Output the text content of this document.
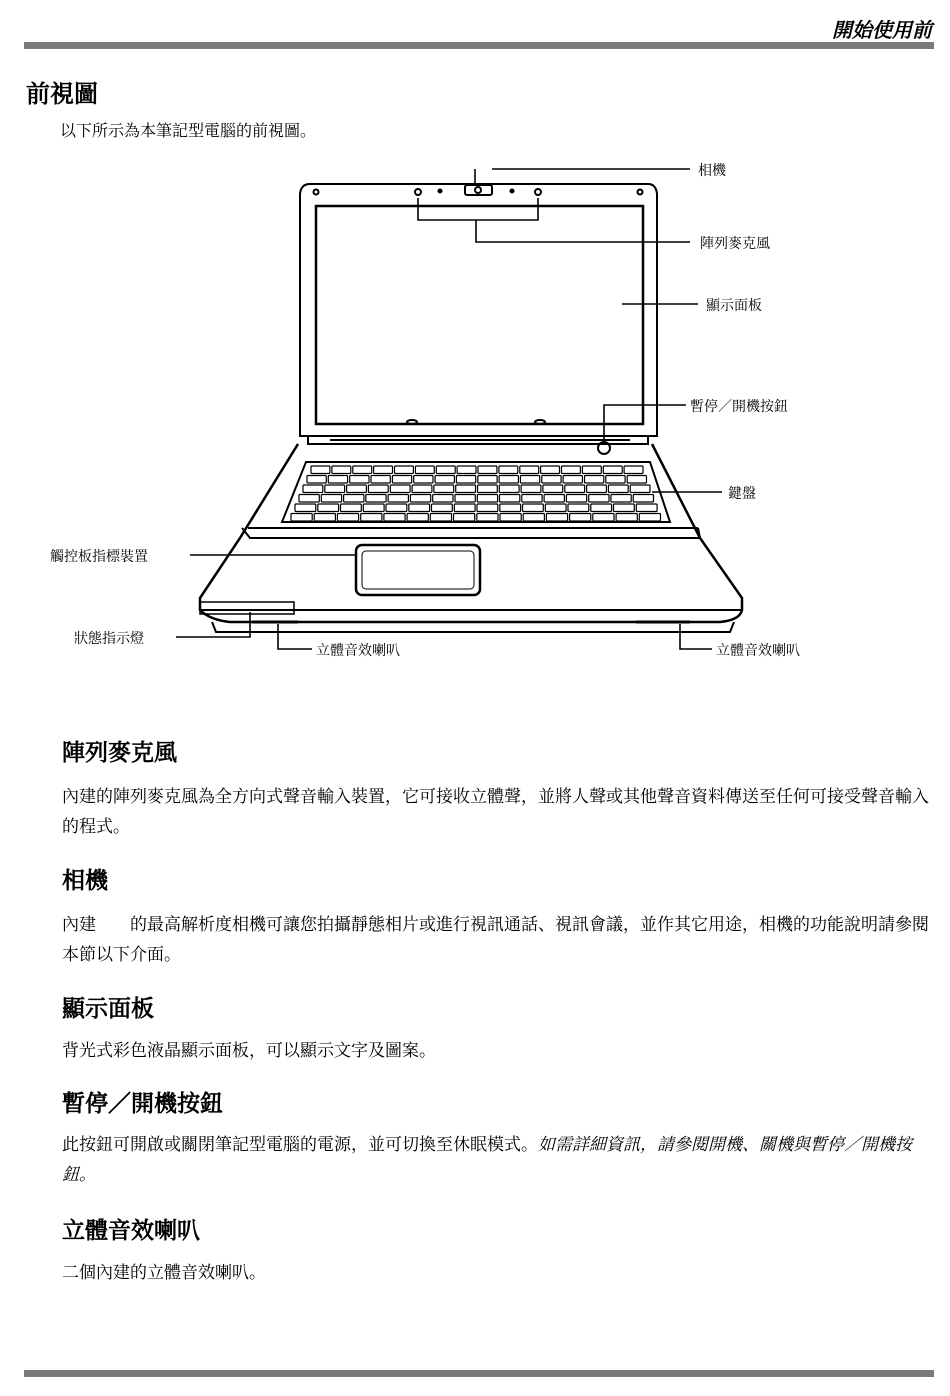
開始使用前
前視圖
以下所示為本筆記型電腦的前視圖。
相機
陣列麥克風
顯示面板
暫停／開機按鈕
鍵盤
觸控板指標裝置
狀態指示燈
立體音效喇叭	立體音效喇叭
陣列麥克風
內建的陣列麥克風為全方向式聲音輸入裝置，它可接收立體聲，並將人聲或其他聲音資料傳送至任何可接受聲音輸入的程式。
相機
內建　　的最高解析度相機可讓您拍攝靜態相片或進行視訊通話、視訊會議，並作其它用途，相機的功能說明請參閱本節以下介面。
顯示面板
背光式彩色液晶顯示面板，可以顯示文字及圖案。
暫停／開機按鈕
此按鈕可開啟或關閉筆記型電腦的電源，並可切換至休眠模式。如需詳細資訊，請參閱開機、關機與暫停／開機按鈕。
立體音效喇叭
二個內建的立體音效喇叭。
